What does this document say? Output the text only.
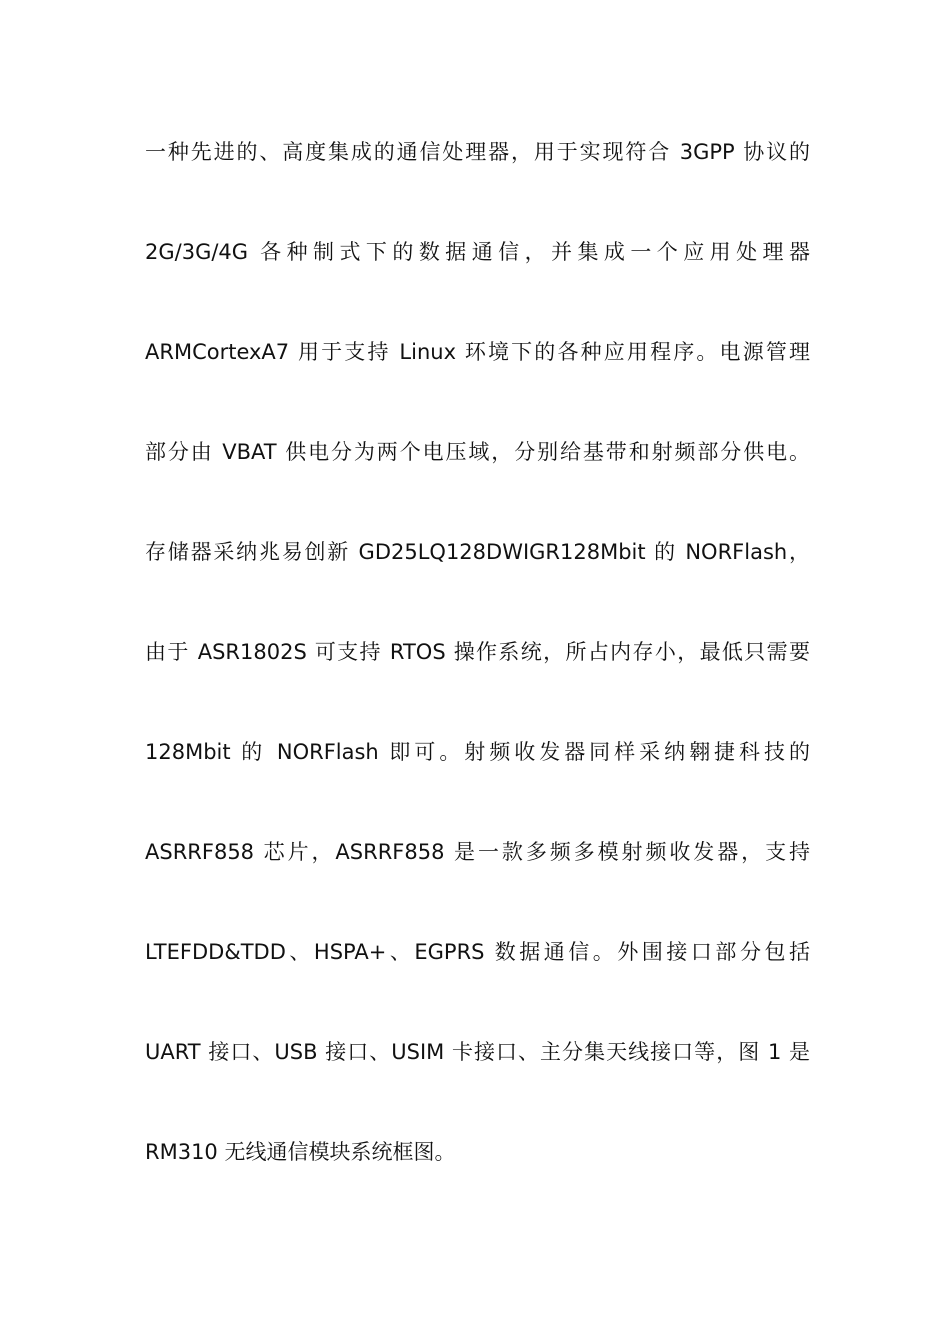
一种先进的、高度集成的通信处理器，用于实现符合 3GPP 协议的
2G/3G/4G 各种制式下的数据通信，并集成一个应用处理器
ARMCortexA7 用于支持 Linux 环境下的各种应用程序。电源管理
部分由 VBAT 供电分为两个电压域，分别给基带和射频部分供电。
存储器采纳兆易创新 GD25LQ128DWIGR128Mbit 的 NORFlash，
由于 ASR1802S 可支持 RTOS 操作系统，所占内存小，最低只需要
128Mbit 的 NORFlash 即可。射频收发器同样采纳翱捷科技的
ASRRF858 芯片，ASRRF858 是一款多频多模射频收发器，支持
LTEFDD&TDD、HSPA+、EGPRS 数据通信。外围接口部分包括
UART 接口、USB 接口、USIM 卡接口、主分集天线接口等，图 1 是
RM310 无线通信模块系统框图。
